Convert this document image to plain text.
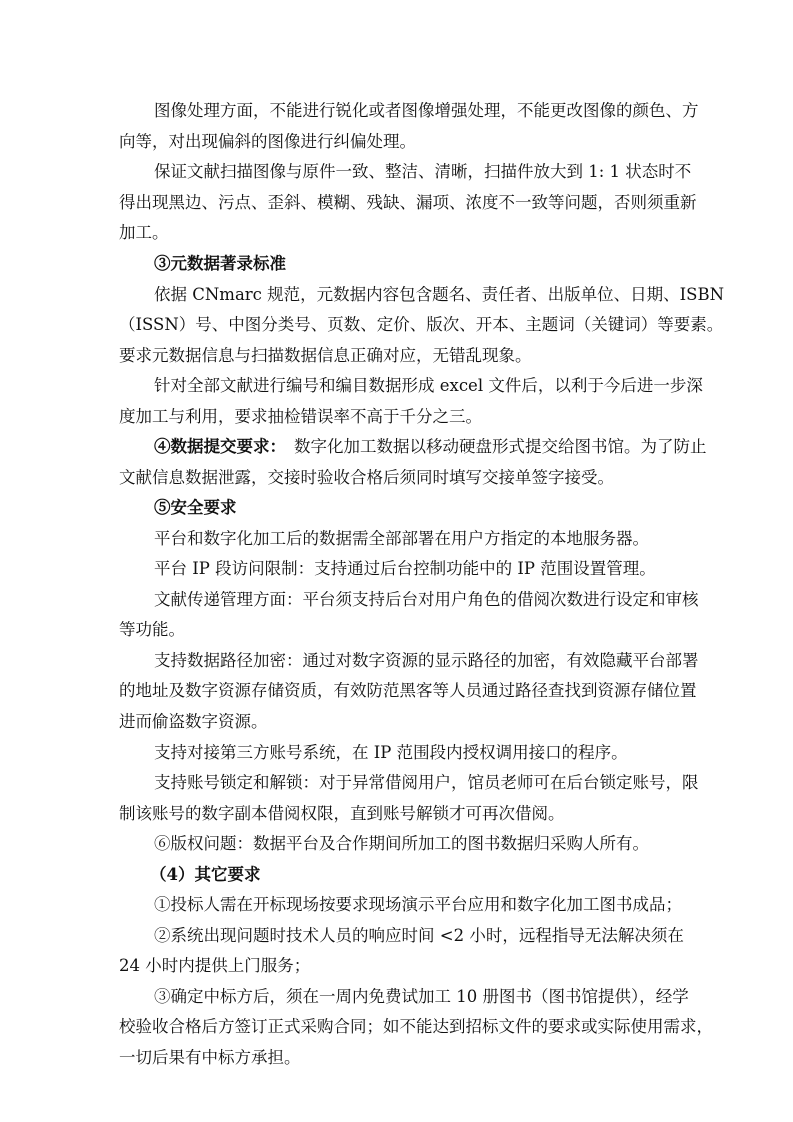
图像处理方面，不能进行锐化或者图像增强处理，不能更改图像的颜色、方
向等，对出现偏斜的图像进行纠偏处理。
保证文献扫描图像与原件一致、整洁、清晰，扫描件放大到 1: 1 状态时不
得出现黑边、污点、歪斜、模糊、残缺、漏项、浓度不一致等问题，否则须重新
加工。
③元数据著录标准
依据 CNmarc 规范，元数据内容包含题名、责任者、出版单位、日期、ISBN
（ISSN）号、中图分类号、页数、定价、版次、开本、主题词（关键词）等要素。
要求元数据信息与扫描数据信息正确对应，无错乱现象。
针对全部文献进行编号和编目数据形成 excel 文件后，以利于今后进一步深
度加工与利用，要求抽检错误率不高于千分之三。
④数据提交要求： 数字化加工数据以移动硬盘形式提交给图书馆。为了防止
文献信息数据泄露，交接时验收合格后须同时填写交接单签字接受。
⑤安全要求
平台和数字化加工后的数据需全部部署在用户方指定的本地服务器。
平台 IP 段访问限制：支持通过后台控制功能中的 IP 范围设置管理。
文献传递管理方面：平台须支持后台对用户角色的借阅次数进行设定和审核
等功能。
支持数据路径加密：通过对数字资源的显示路径的加密，有效隐藏平台部署
的地址及数字资源存储资质，有效防范黑客等人员通过路径查找到资源存储位置
进而偷盗数字资源。
支持对接第三方账号系统，在 IP 范围段内授权调用接口的程序。
支持账号锁定和解锁：对于异常借阅用户，馆员老师可在后台锁定账号，限
制该账号的数字副本借阅权限，直到账号解锁才可再次借阅。
⑥版权问题：数据平台及合作期间所加工的图书数据归采购人所有。
（4）其它要求
①投标人需在开标现场按要求现场演示平台应用和数字化加工图书成品；
②系统出现问题时技术人员的响应时间 <2 小时，远程指导无法解决须在
24 小时内提供上门服务；
③确定中标方后，须在一周内免费试加工 10 册图书（图书馆提供），经学
校验收合格后方签订正式采购合同；如不能达到招标文件的要求或实际使用需求，
一切后果有中标方承担。
